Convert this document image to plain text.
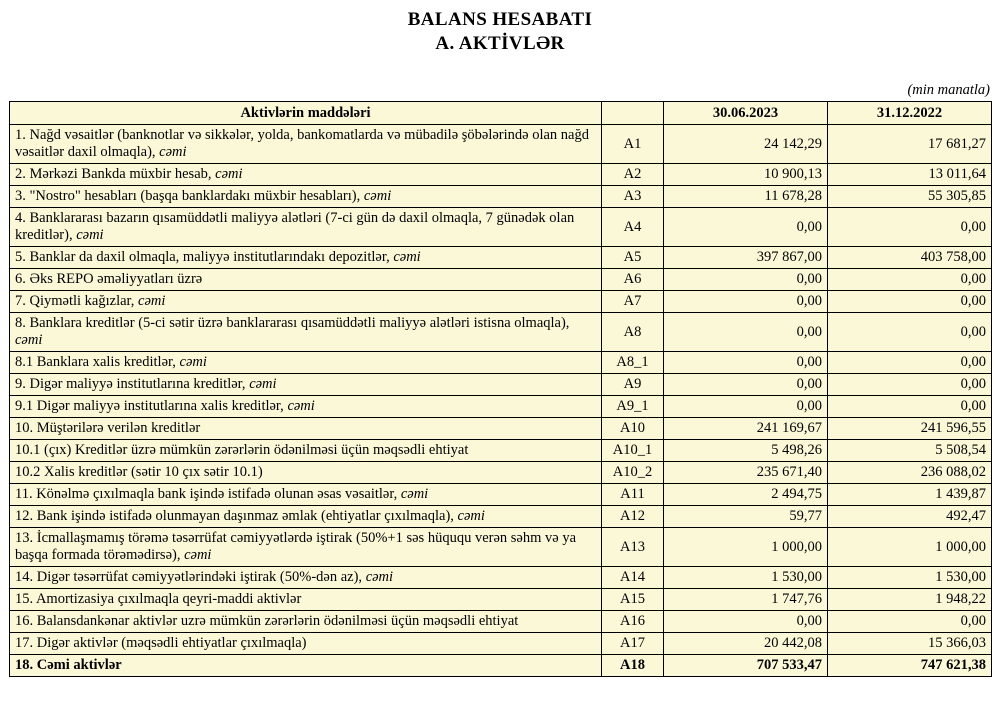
BALANS HESABATI
A. AKTİVLƏR
(min manatla)
Aktivlərin maddələri		30.06.2023	31.12.2022
1. Nağd vəsaitlər (banknotlar və sikkələr, yolda, bankomatlarda və mübadilə şöbələrində olan nağd vəsaitlər daxil olmaqla), cəmi	A1	24 142,29	17 681,27
2. Mərkəzi Bankda müxbir hesab, cəmi	A2	10 900,13	13 011,64
3. "Nostro" hesabları (başqa banklardakı müxbir hesabları), cəmi	A3	11 678,28	55 305,85
4. Banklararası bazarın qısamüddətli maliyyə alətləri (7-ci gün də daxil olmaqla, 7 günədək olan kreditlər), cəmi	A4	0,00	0,00
5. Banklar da daxil olmaqla, maliyyə institutlarındakı depozitlər, cəmi	A5	397 867,00	403 758,00
6. Əks REPO əməliyyatları üzrə	A6	0,00	0,00
7. Qiymətli kağızlar, cəmi	A7	0,00	0,00
8. Banklara kreditlər (5-ci sətir üzrə banklararası qısamüddətli maliyyə alətləri istisna olmaqla), cəmi	A8	0,00	0,00
8.1 Banklara xalis kreditlər, cəmi	A8_1	0,00	0,00
9. Digər maliyyə institutlarına kreditlər, cəmi	A9	0,00	0,00
9.1 Digər maliyyə institutlarına xalis kreditlər, cəmi	A9_1	0,00	0,00
10. Müştərilərə verilən kreditlər	A10	241 169,67	241 596,55
10.1 (çıx) Kreditlər üzrə mümkün zərərlərin ödənilməsi üçün məqsədli ehtiyat	A10_1	5 498,26	5 508,54
10.2 Xalis kreditlər (sətir 10 çıx sətir 10.1)	A10_2	235 671,40	236 088,02
11. Könəlmə çıxılmaqla bank işində istifadə olunan əsas vəsaitlər, cəmi	A11	2 494,75	1 439,87
12. Bank işində istifadə olunmayan daşınmaz əmlak (ehtiyatlar çıxılmaqla), cəmi	A12	59,77	492,47
13. İcmallaşmamış törəmə təsərrüfat cəmiyyətlərdə iştirak (50%+1 səs hüququ verən səhm və ya başqa formada törəmədirsə), cəmi	A13	1 000,00	1 000,00
14. Digər təsərrüfat cəmiyyətlərindəki iştirak (50%-dən az), cəmi	A14	1 530,00	1 530,00
15. Amortizasiya çıxılmaqla qeyri-maddi aktivlər	A15	1 747,76	1 948,22
16. Balansdankənar aktivlər uzrə mümkün zərərlərin ödənilməsi üçün məqsədli ehtiyat	A16	0,00	0,00
17. Digər aktivlər (məqsədli ehtiyatlar çıxılmaqla)	A17	20 442,08	15 366,03
18. Cəmi aktivlər	A18	707 533,47	747 621,38
